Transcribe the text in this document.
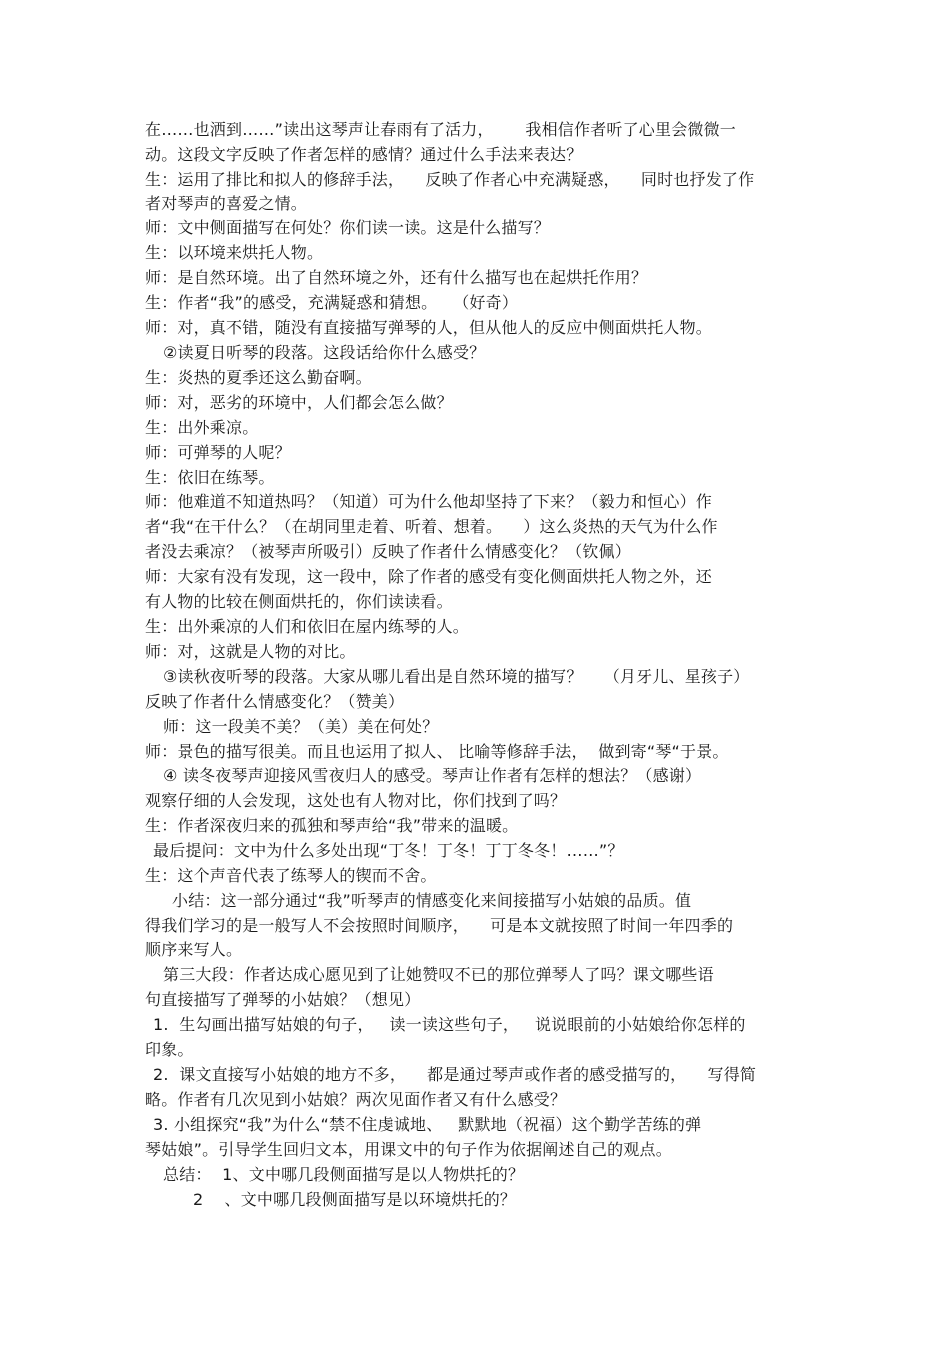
在……也洒到……”读出这琴声让春雨有了活力，      我相信作者听了心里会微微一
动。这段文字反映了作者怎样的感情？通过什么手法来表达？
生：运用了排比和拟人的修辞手法，    反映了作者心中充满疑惑，    同时也抒发了作
者对琴声的喜爱之情。
师：文中侧面描写在何处？你们读一读。这是什么描写？
生：以环境来烘托人物。
师：是自然环境。出了自然环境之外，还有什么描写也在起烘托作用？
生：作者“我”的感受，充满疑惑和猜想。   （好奇）
师：对，真不错，随没有直接描写弹琴的人，但从他人的反应中侧面烘托人物。
②读夏日听琴的段落。这段话给你什么感受？
生：炎热的夏季还这么勤奋啊。
师：对，恶劣的环境中，人们都会怎么做？
生：出外乘凉。
师：可弹琴的人呢？
生：依旧在练琴。
师：他难道不知道热吗？（知道）可为什么他却坚持了下来？（毅力和恒心）作
者“我“在干什么？（在胡同里走着、听着、想着。    ）这么炎热的天气为什么作
者没去乘凉？（被琴声所吸引）反映了作者什么情感变化？（钦佩）
师：大家有没有发现，这一段中，除了作者的感受有变化侧面烘托人物之外，还
有人物的比较在侧面烘托的，你们读读看。
生：出外乘凉的人们和依旧在屋内练琴的人。
师：对，这就是人物的对比。
③读秋夜听琴的段落。大家从哪儿看出是自然环境的描写？    （月牙儿、星孩子）
反映了作者什么情感变化？（赞美）
师：这一段美不美？（美）美在何处？
师：景色的描写很美。而且也运用了拟人、 比喻等修辞手法，  做到寄“琴“于景。
④ 读冬夜琴声迎接风雪夜归人的感受。琴声让作者有怎样的想法？（感谢）
观察仔细的人会发现，这处也有人物对比，你们找到了吗？
生：作者深夜归来的孤独和琴声给“我”带来的温暖。
最后提问：文中为什么多处出现“丁冬！丁冬！丁丁冬冬！……”？
生：这个声音代表了练琴人的锲而不舍。
小结：这一部分通过“我”听琴声的情感变化来间接描写小姑娘的品质。值
得我们学习的是一般写人不会按照时间顺序，    可是本文就按照了时间一年四季的
顺序来写人。
第三大段：作者达成心愿见到了让她赞叹不已的那位弹琴人了吗？课文哪些语
句直接描写了弹琴的小姑娘？（想见）
1.  生勾画出描写姑娘的句子，   读一读这些句子，   说说眼前的小姑娘给你怎样的
印象。
2.  课文直接写小姑娘的地方不多，    都是通过琴声或作者的感受描写的，    写得简
略。作者有几次见到小姑娘？两次见面作者又有什么感受？
3. 小组探究“我”为什么“禁不住虔诚地、   默默地（祝福）这个勤学苦练的弹
琴姑娘”。引导学生回归文本，用课文中的句子作为依据阐述自己的观点。
总结：  1、文中哪几段侧面描写是以人物烘托的？
2    、文中哪几段侧面描写是以环境烘托的？
